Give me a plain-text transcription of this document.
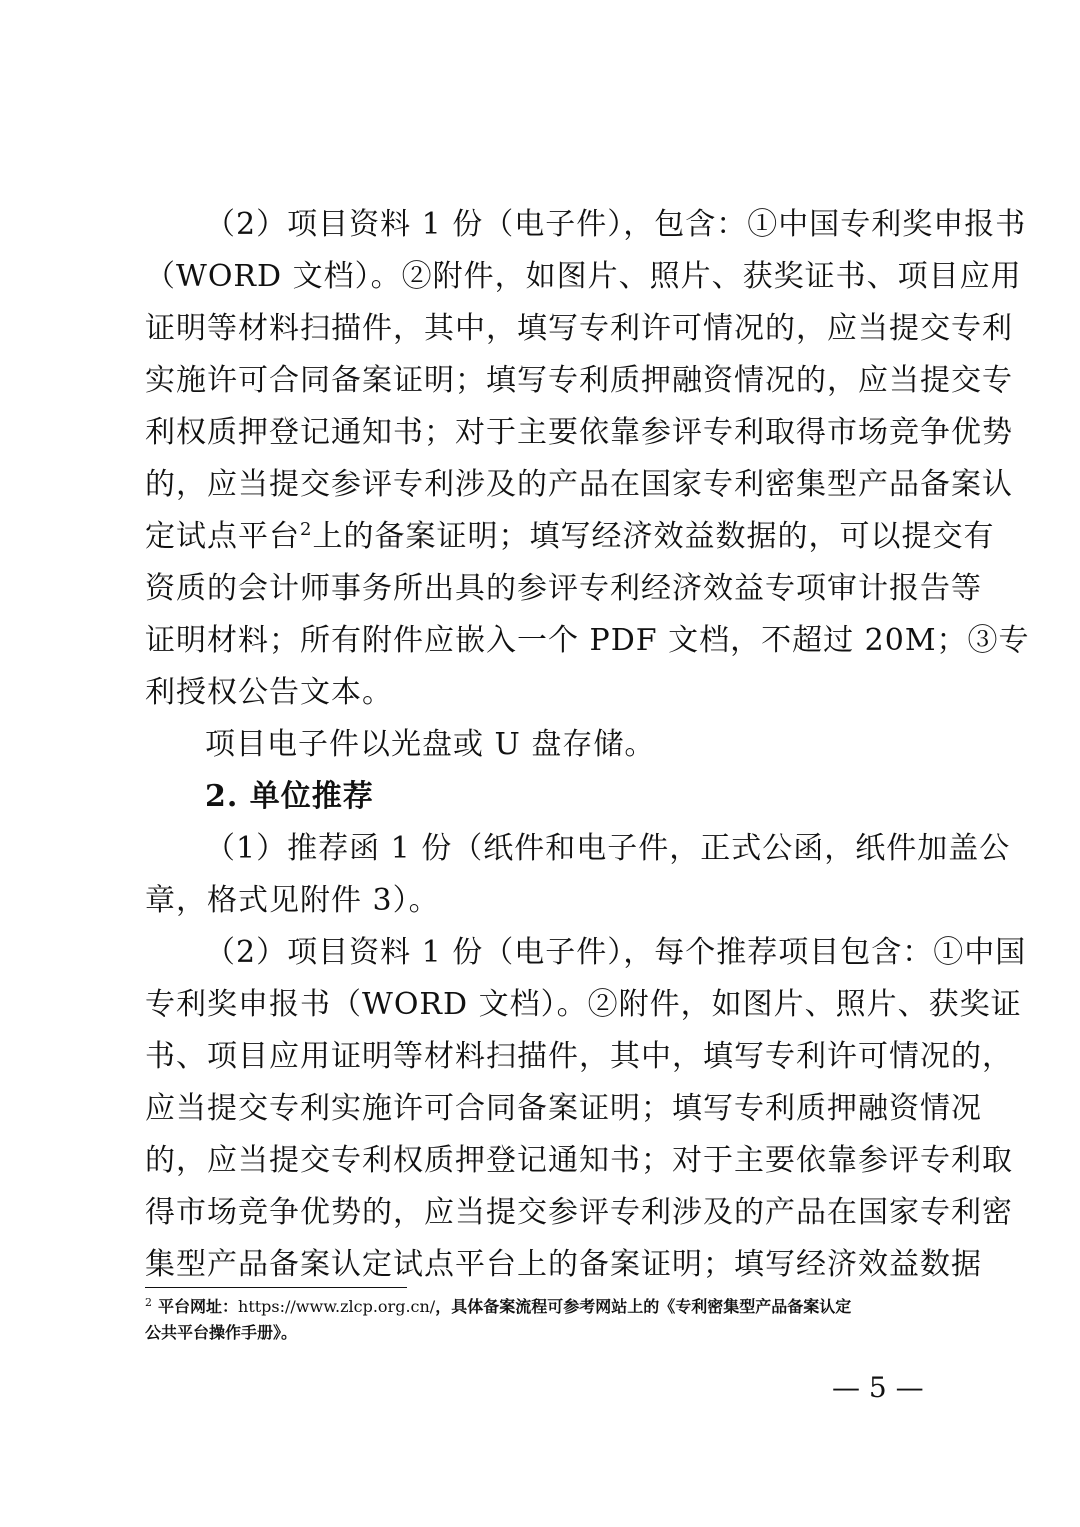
（2）项目资料 1 份（电子件），包含：①中国专利奖申报书
（WORD 文档）。②附件，如图片、照片、获奖证书、项目应用
证明等材料扫描件，其中，填写专利许可情况的，应当提交专利
实施许可合同备案证明；填写专利质押融资情况的，应当提交专
利权质押登记通知书；对于主要依靠参评专利取得市场竞争优势
的，应当提交参评专利涉及的产品在国家专利密集型产品备案认
定试点平台$^2$上的备案证明；填写经济效益数据的，可以提交有
资质的会计师事务所出具的参评专利经济效益专项审计报告等
证明材料；所有附件应嵌入一个 PDF 文档，不超过 20M；③专
利授权公告文本。
项目电子件以光盘或 U 盘存储。
2. 单位推荐
（1）推荐函 1 份（纸件和电子件，正式公函，纸件加盖公
章，格式见附件 3）。
（2）项目资料 1 份（电子件），每个推荐项目包含：①中国
专利奖申报书（WORD 文档）。②附件，如图片、照片、获奖证
书、项目应用证明等材料扫描件，其中，填写专利许可情况的，
应当提交专利实施许可合同备案证明；填写专利质押融资情况
的，应当提交专利权质押登记通知书；对于主要依靠参评专利取
得市场竞争优势的，应当提交参评专利涉及的产品在国家专利密
集型产品备案认定试点平台上的备案证明；填写经济效益数据
$^2$ 平台网址：https://www.zlcp.org.cn/，具体备案流程可参考网站上的《专利密集型产品备案认定
公共平台操作手册》。
— 5 —
